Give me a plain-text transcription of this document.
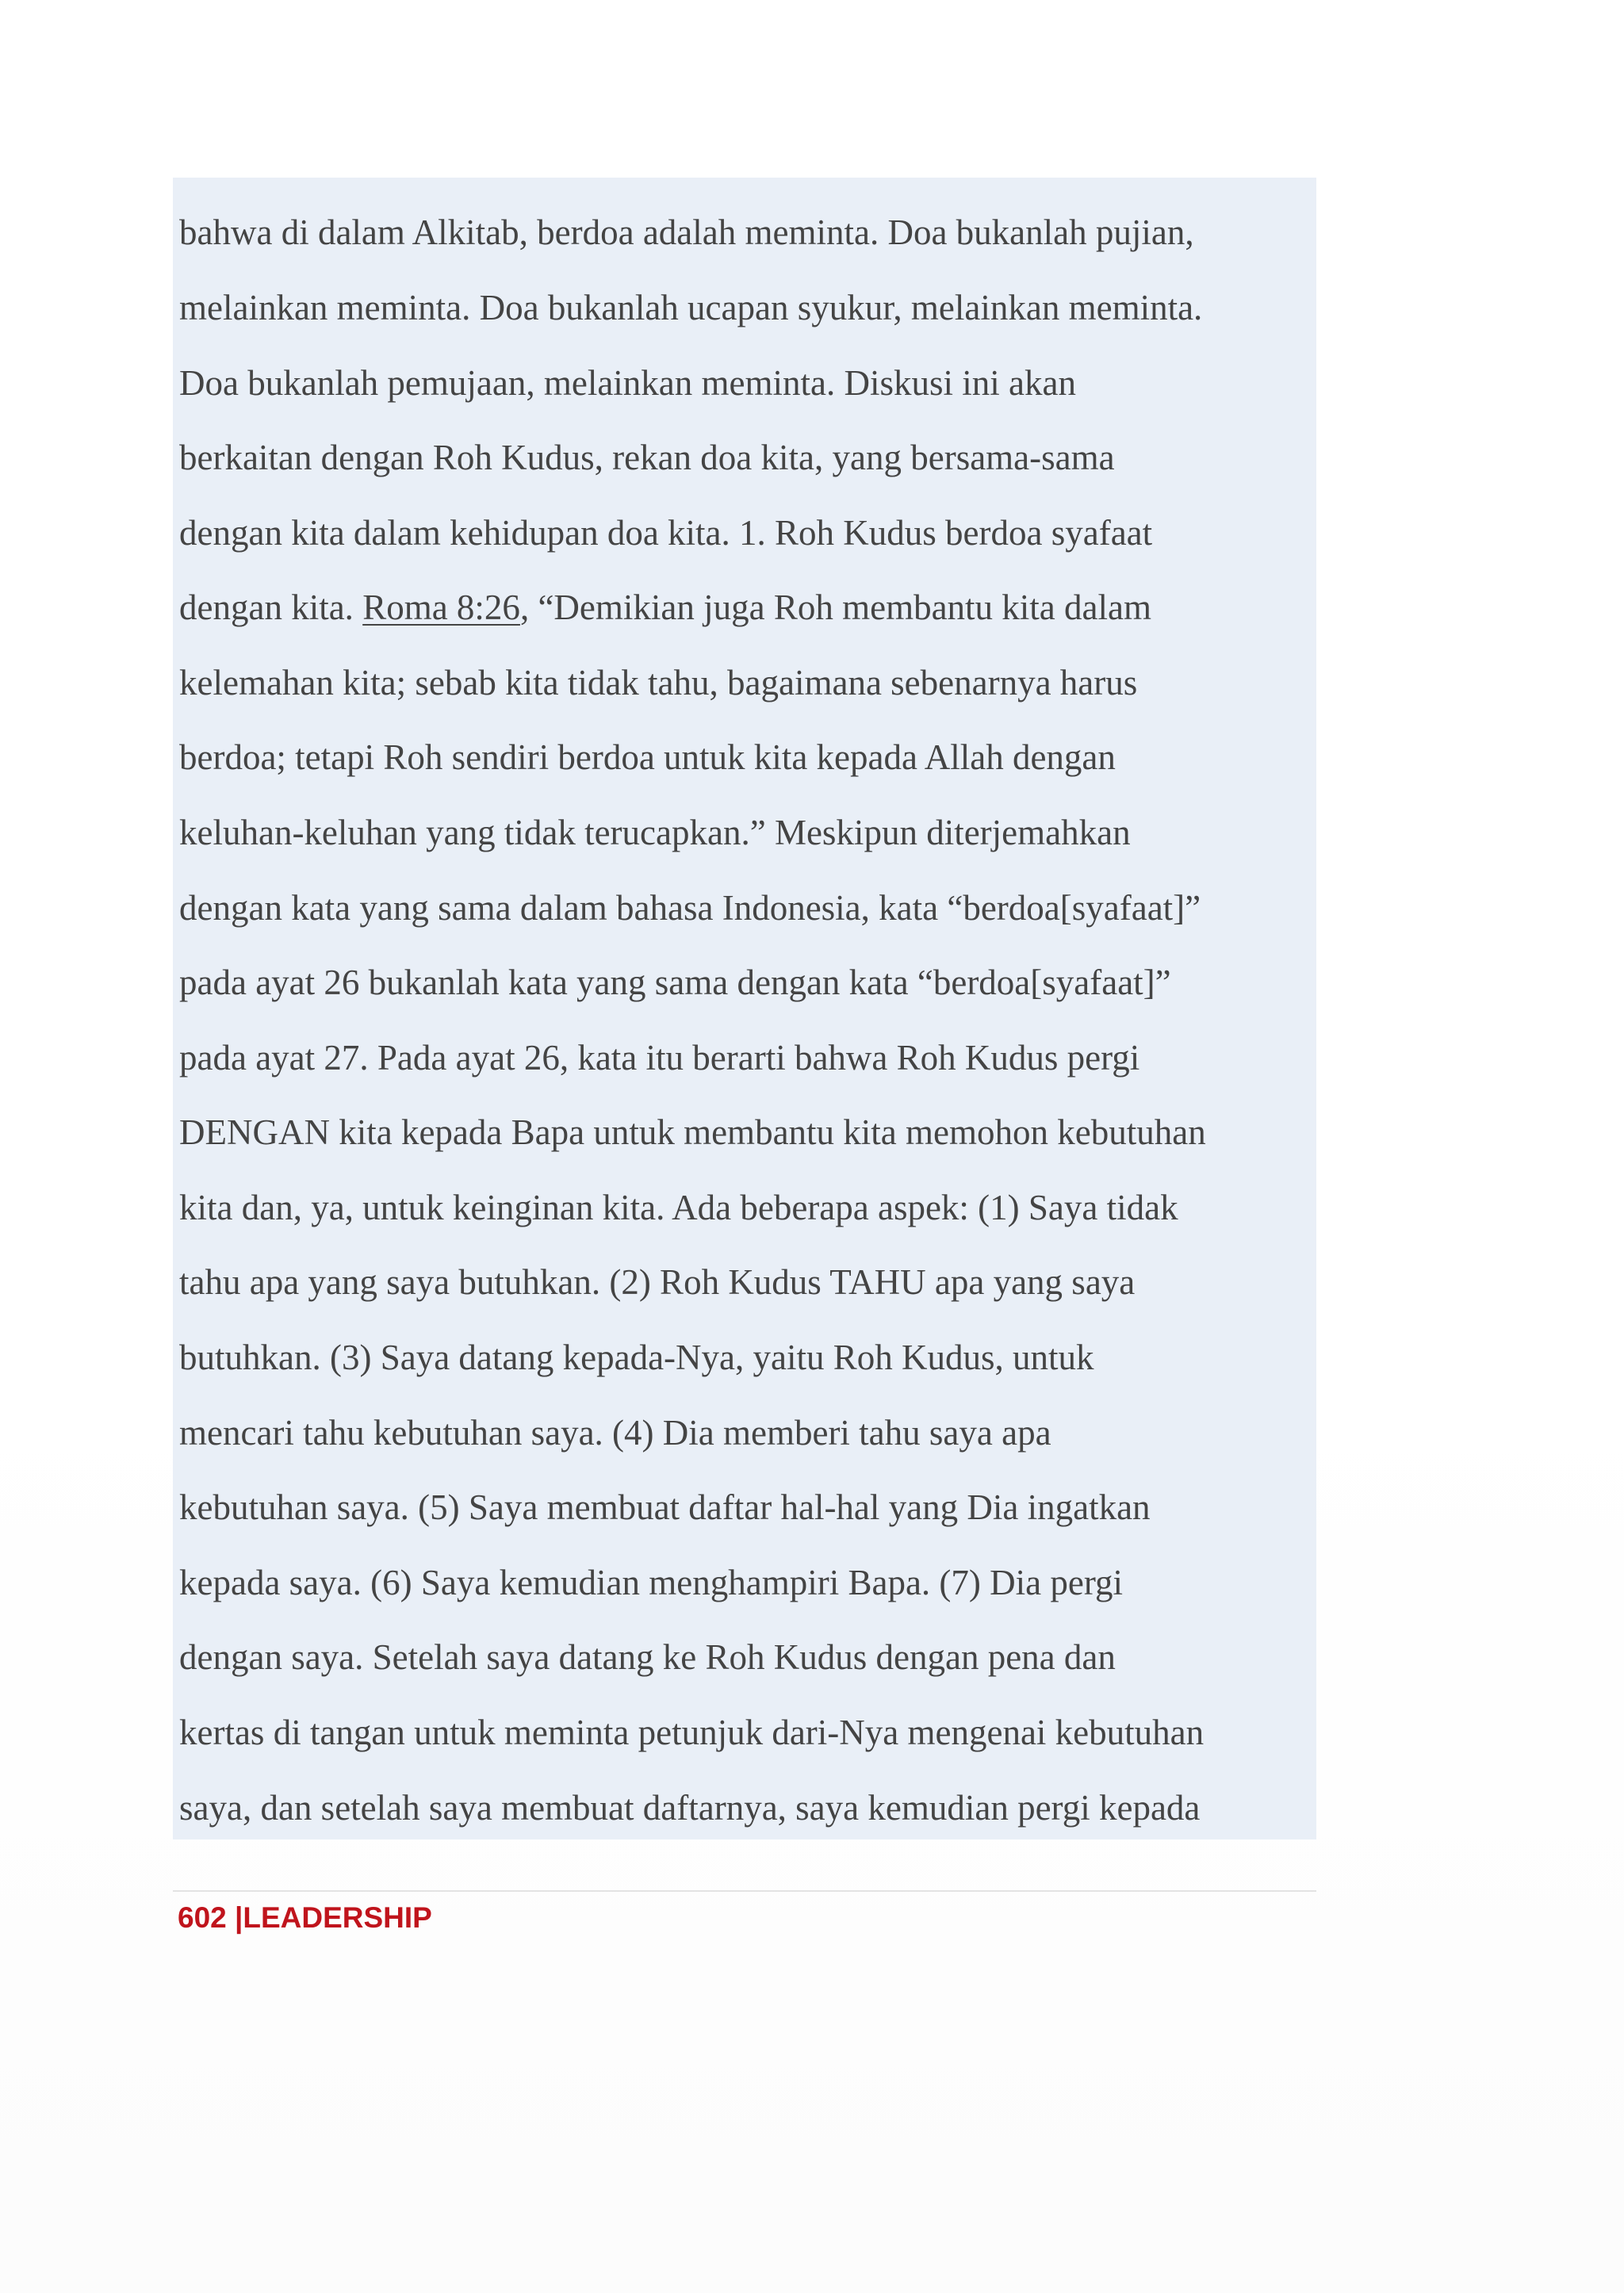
bahwa di dalam Alkitab, berdoa adalah meminta. Doa bukanlah pujian,
melainkan meminta. Doa bukanlah ucapan syukur, melainkan meminta.
Doa bukanlah pemujaan, melainkan meminta. Diskusi ini akan
berkaitan dengan Roh Kudus, rekan doa kita, yang bersama-sama
dengan kita dalam kehidupan doa kita. 1. Roh Kudus berdoa syafaat
dengan kita. Roma 8:26, “Demikian juga Roh membantu kita dalam
kelemahan kita; sebab kita tidak tahu, bagaimana sebenarnya harus
berdoa; tetapi Roh sendiri berdoa untuk kita kepada Allah dengan
keluhan-keluhan yang tidak terucapkan.” Meskipun diterjemahkan
dengan kata yang sama dalam bahasa Indonesia, kata “berdoa[syafaat]”
pada ayat 26 bukanlah kata yang sama dengan kata “berdoa[syafaat]”
pada ayat 27. Pada ayat 26, kata itu berarti bahwa Roh Kudus pergi
DENGAN kita kepada Bapa untuk membantu kita memohon kebutuhan
kita dan, ya, untuk keinginan kita. Ada beberapa aspek: (1) Saya tidak
tahu apa yang saya butuhkan. (2) Roh Kudus TAHU apa yang saya
butuhkan. (3) Saya datang kepada-Nya, yaitu Roh Kudus, untuk
mencari tahu kebutuhan saya. (4) Dia memberi tahu saya apa
kebutuhan saya. (5) Saya membuat daftar hal-hal yang Dia ingatkan
kepada saya. (6) Saya kemudian menghampiri Bapa. (7) Dia pergi
dengan saya. Setelah saya datang ke Roh Kudus dengan pena dan
kertas di tangan untuk meminta petunjuk dari-Nya mengenai kebutuhan
saya, dan setelah saya membuat daftarnya, saya kemudian pergi kepada
602 |LEADERSHIP
